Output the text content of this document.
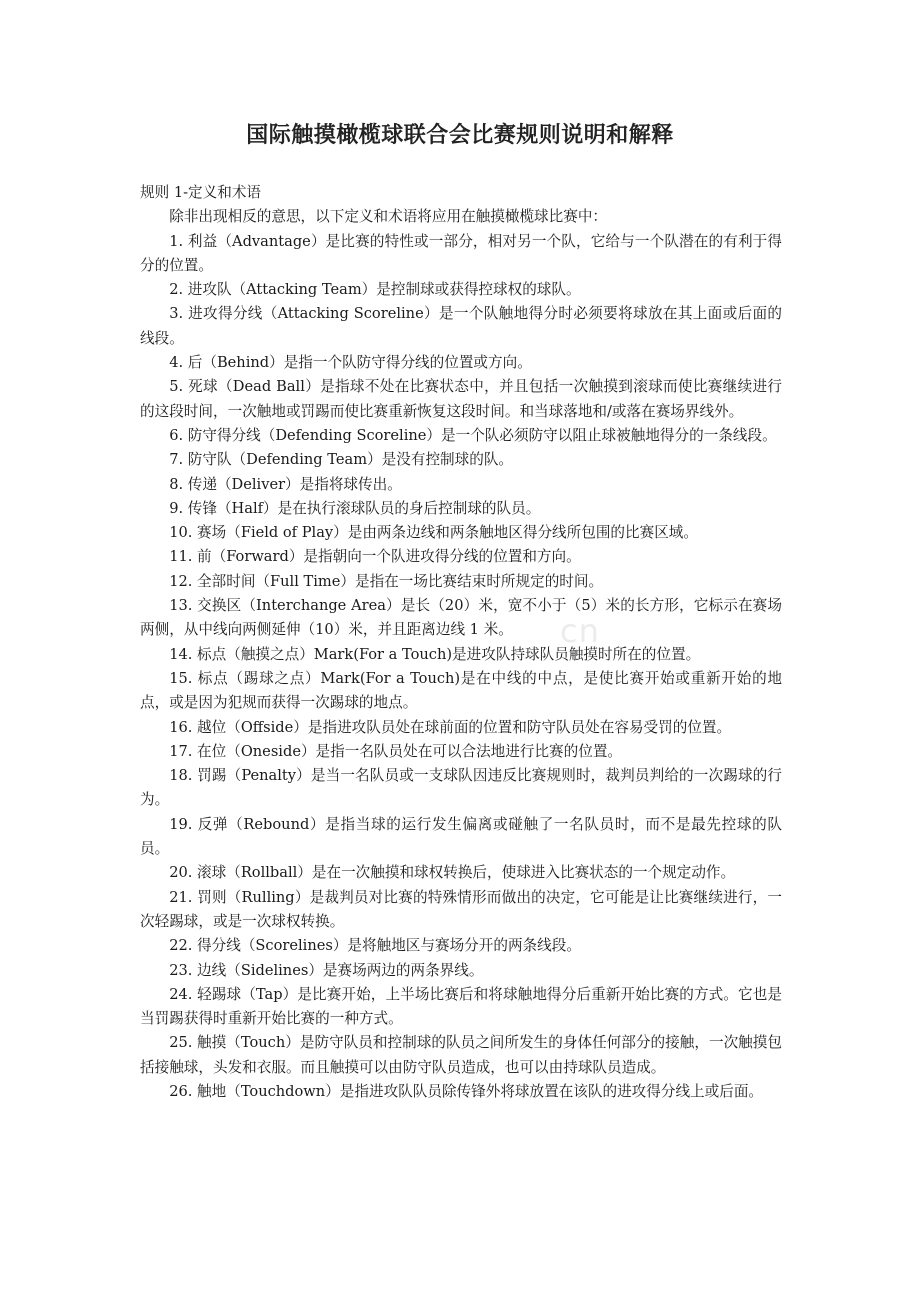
cn
国际触摸橄榄球联合会比赛规则说明和解释

规则 1-定义和术语

除非出现相反的意思，以下定义和术语将应用在触摸橄榄球比赛中：

1. 利益（Advantage）是比赛的特性或一部分，相对另一个队，它给与一个队潜在的有利于得分的位置。

2. 进攻队（Attacking Team）是控制球或获得控球权的球队。

3. 进攻得分线（Attacking Scoreline）是一个队触地得分时必须要将球放在其上面或后面的线段。

4. 后（Behind）是指一个队防守得分线的位置或方向。

5. 死球（Dead Ball）是指球不处在比赛状态中，并且包括一次触摸到滚球而使比赛继续进行的这段时间，一次触地或罚踢而使比赛重新恢复这段时间。和当球落地和/或落在赛场界线外。

6. 防守得分线（Defending Scoreline）是一个队必须防守以阻止球被触地得分的一条线段。

7. 防守队（Defending Team）是没有控制球的队。

8. 传递（Deliver）是指将球传出。

9. 传锋（Half）是在执行滚球队员的身后控制球的队员。

10. 赛场（Field of Play）是由两条边线和两条触地区得分线所包围的比赛区域。

11. 前（Forward）是指朝向一个队进攻得分线的位置和方向。

12. 全部时间（Full Time）是指在一场比赛结束时所规定的时间。

13. 交换区（Interchange Area）是长（20）米，宽不小于（5）米的长方形，它标示在赛场两侧，从中线向两侧延伸（10）米，并且距离边线 1 米。

14. 标点（触摸之点）Mark(For a Touch)是进攻队持球队员触摸时所在的位置。

15. 标点（踢球之点）Mark(For a Touch)是在中线的中点，是使比赛开始或重新开始的地点，或是因为犯规而获得一次踢球的地点。

16. 越位（Offside）是指进攻队员处在球前面的位置和防守队员处在容易受罚的位置。

17. 在位（Oneside）是指一名队员处在可以合法地进行比赛的位置。

18. 罚踢（Penalty）是当一名队员或一支球队因违反比赛规则时，裁判员判给的一次踢球的行为。

19. 反弹（Rebound）是指当球的运行发生偏离或碰触了一名队员时，而不是最先控球的队员。

20. 滚球（Rollball）是在一次触摸和球权转换后，使球进入比赛状态的一个规定动作。

21. 罚则（Rulling）是裁判员对比赛的特殊情形而做出的决定，它可能是让比赛继续进行，一次轻踢球，或是一次球权转换。

22. 得分线（Scorelines）是将触地区与赛场分开的两条线段。

23. 边线（Sidelines）是赛场两边的两条界线。

24. 轻踢球（Tap）是比赛开始，上半场比赛后和将球触地得分后重新开始比赛的方式。它也是当罚踢获得时重新开始比赛的一种方式。

25. 触摸（Touch）是防守队员和控制球的队员之间所发生的身体任何部分的接触，一次触摸包括接触球，头发和衣服。而且触摸可以由防守队员造成，也可以由持球队员造成。

26. 触地（Touchdown）是指进攻队队员除传锋外将球放置在该队的进攻得分线上或后面。
